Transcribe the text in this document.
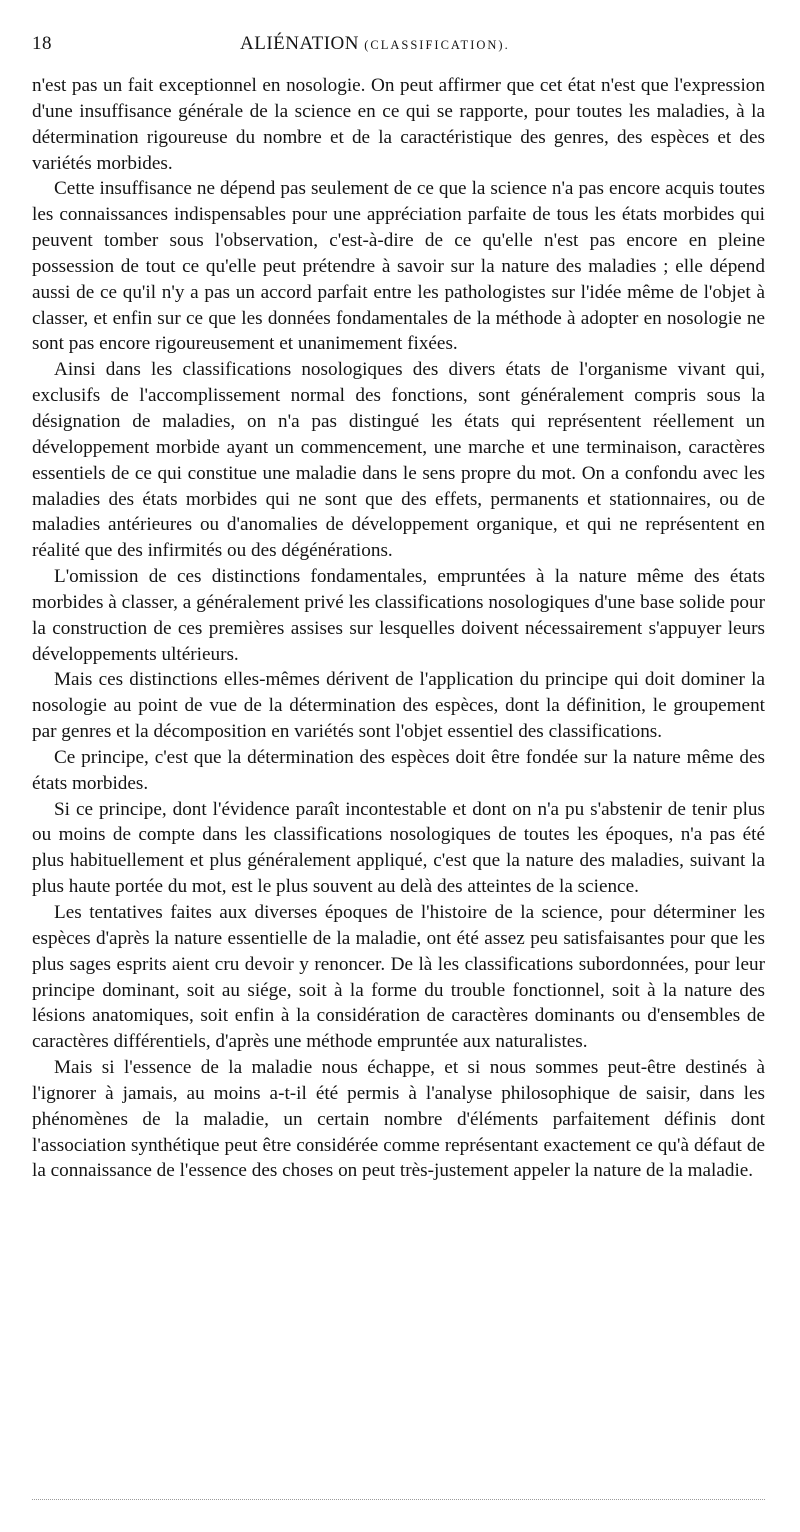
18	ALIÉNATION (CLASSIFICATION).

n'est pas un fait exceptionnel en nosologie. On peut affirmer que cet état n'est que l'expression d'une insuffisance générale de la science en ce qui se rapporte, pour toutes les maladies, à la détermination rigoureuse du nombre et de la caractéristique des genres, des espèces et des variétés morbides.

Cette insuffisance ne dépend pas seulement de ce que la science n'a pas encore acquis toutes les connaissances indispensables pour une appréciation parfaite de tous les états morbides qui peuvent tomber sous l'observation, c'est-à-dire de ce qu'elle n'est pas encore en pleine possession de tout ce qu'elle peut prétendre à savoir sur la nature des maladies ; elle dépend aussi de ce qu'il n'y a pas un accord parfait entre les pathologistes sur l'idée même de l'objet à classer, et enfin sur ce que les données fondamentales de la méthode à adopter en nosologie ne sont pas encore rigoureusement et unanimement fixées.

Ainsi dans les classifications nosologiques des divers états de l'organisme vivant qui, exclusifs de l'accomplissement normal des fonctions, sont généralement compris sous la désignation de maladies, on n'a pas distingué les états qui représentent réellement un développement morbide ayant un commencement, une marche et une terminaison, caractères essentiels de ce qui constitue une maladie dans le sens propre du mot. On a confondu avec les maladies des états morbides qui ne sont que des effets, permanents et stationnaires, ou de maladies antérieures ou d'anomalies de développement organique, et qui ne représentent en réalité que des infirmités ou des dégénérations.

L'omission de ces distinctions fondamentales, empruntées à la nature même des états morbides à classer, a généralement privé les classifications nosologiques d'une base solide pour la construction de ces premières assises sur lesquelles doivent nécessairement s'appuyer leurs développements ultérieurs.

Mais ces distinctions elles-mêmes dérivent de l'application du principe qui doit dominer la nosologie au point de vue de la détermination des espèces, dont la définition, le groupement par genres et la décomposition en variétés sont l'objet essentiel des classifications.

Ce principe, c'est que la détermination des espèces doit être fondée sur la nature même des états morbides.

Si ce principe, dont l'évidence paraît incontestable et dont on n'a pu s'abstenir de tenir plus ou moins de compte dans les classifications nosologiques de toutes les époques, n'a pas été plus habituellement et plus généralement appliqué, c'est que la nature des maladies, suivant la plus haute portée du mot, est le plus souvent au delà des atteintes de la science.

Les tentatives faites aux diverses époques de l'histoire de la science, pour déterminer les espèces d'après la nature essentielle de la maladie, ont été assez peu satisfaisantes pour que les plus sages esprits aient cru devoir y renoncer. De là les classifications subordonnées, pour leur principe dominant, soit au siége, soit à la forme du trouble fonctionnel, soit à la nature des lésions anatomiques, soit enfin à la considération de caractères dominants ou d'ensembles de caractères différentiels, d'après une méthode empruntée aux naturalistes.

Mais si l'essence de la maladie nous échappe, et si nous sommes peut-être destinés à l'ignorer à jamais, au moins a-t-il été permis à l'analyse philosophique de saisir, dans les phénomènes de la maladie, un certain nombre d'éléments parfaitement définis dont l'association synthétique peut être considérée comme représentant exactement ce qu'à défaut de la connaissance de l'essence des choses on peut très-justement appeler la nature de la maladie.
